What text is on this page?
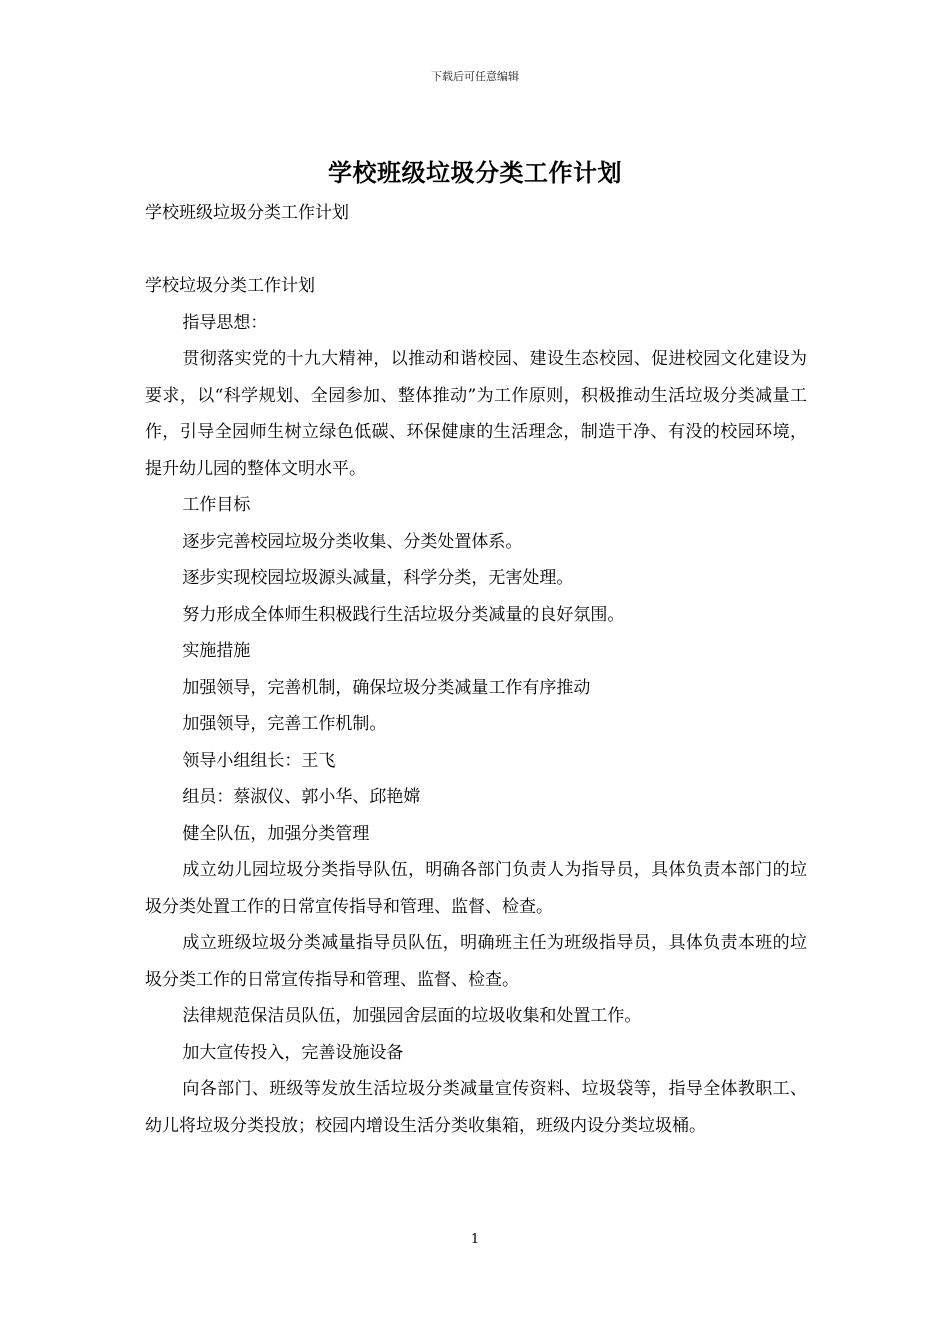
下载后可任意编辑
学校班级垃圾分类工作计划

学校班级垃圾分类工作计划

学校垃圾分类工作计划

指导思想：

贯彻落实党的十九大精神，以推动和谐校园、建设生态校园、促进校园文化建设为要求，以“科学规划、全园参加、整体推动”为工作原则，积极推动生活垃圾分类减量工作，引导全园师生树立绿色低碳、环保健康的生活理念，制造干净、有没的校园环境，提升幼儿园的整体文明水平。

工作目标

逐步完善校园垃圾分类收集、分类处置体系。

逐步实现校园垃圾源头减量，科学分类，无害处理。

努力形成全体师生积极践行生活垃圾分类减量的良好氛围。

实施措施

加强领导，完善机制，确保垃圾分类减量工作有序推动

加强领导，完善工作机制。

领导小组组长：王飞

组员：蔡淑仪、郭小华、邱艳嫦

健全队伍，加强分类管理

成立幼儿园垃圾分类指导队伍，明确各部门负责人为指导员，具体负责本部门的垃圾分类处置工作的日常宣传指导和管理、监督、检查。

成立班级垃圾分类减量指导员队伍，明确班主任为班级指导员，具体负责本班的垃圾分类工作的日常宣传指导和管理、监督、检查。

法律规范保洁员队伍，加强园舍层面的垃圾收集和处置工作。

加大宣传投入，完善设施设备

向各部门、班级等发放生活垃圾分类减量宣传资料、垃圾袋等，指导全体教职工、幼儿将垃圾分类投放；校园内增设生活分类收集箱，班级内设分类垃圾桶。

1
